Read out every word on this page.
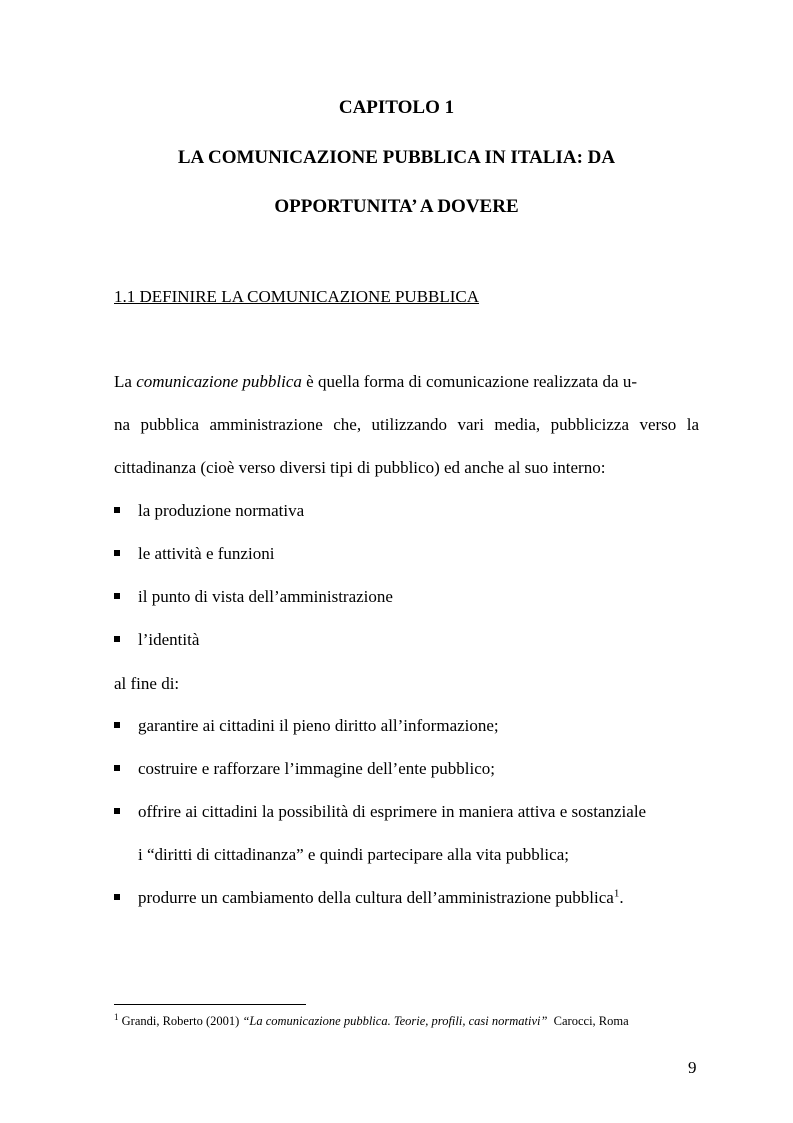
CAPITOLO 1
LA COMUNICAZIONE PUBBLICA IN ITALIA: DA
OPPORTUNITA’ A DOVERE
1.1 DEFINIRE LA COMUNICAZIONE PUBBLICA
La comunicazione pubblica è quella forma di comunicazione realizzata da u-
na pubblica amministrazione che, utilizzando vari media, pubblicizza verso la
cittadinanza (cioè verso diversi tipi di pubblico) ed anche al suo interno:
la produzione normativa
le attività e funzioni
il punto di vista dell’amministrazione
l’identità
al fine di:
garantire ai cittadini il pieno diritto all’informazione;
costruire e rafforzare l’immagine dell’ente pubblico;
offrire ai cittadini la possibilità di esprimere in maniera attiva e sostanziale
i “diritti di cittadinanza” e quindi partecipare alla vita pubblica;
produrre un cambiamento della cultura dell’amministrazione pubblica$^1$.
$^1$ Grandi, Roberto (2001) “La comunicazione pubblica. Teorie, profili, casi normativi”  Carocci, Roma
9
